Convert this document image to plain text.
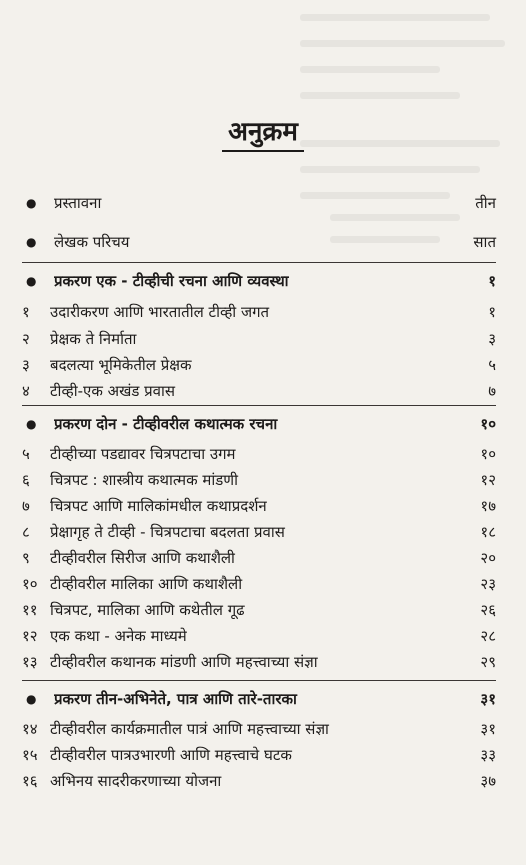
अनुक्रम
●	प्रस्तावना	तीन
●	लेखक परिचय	सात
●	प्रकरण एक - टीव्हीची रचना आणि व्यवस्था	१
१	उदारीकरण आणि भारतातील टीव्ही जगत	१
२	प्रेक्षक ते निर्माता	३
३	बदलत्या भूमिकेतील प्रेक्षक	५
४	टीव्ही-एक अखंड प्रवास	७
●	प्रकरण दोन - टीव्हीवरील कथात्मक रचना	१०
५	टीव्हीच्या पडद्यावर चित्रपटाचा उगम	१०
६	चित्रपट : शास्त्रीय कथात्मक मांडणी	१२
७	चित्रपट आणि मालिकांमधील कथाप्रदर्शन	१७
८	प्रेक्षागृह ते टीव्ही - चित्रपटाचा बदलता प्रवास	१८
९	टीव्हीवरील सिरीज आणि कथाशैली	२०
१० टीव्हीवरील मालिका आणि कथाशैली	२३
११ चित्रपट, मालिका आणि कथेतील गूढ	२६
१२ एक कथा - अनेक माध्यमे	२८
१३ टीव्हीवरील कथानक मांडणी आणि महत्त्वाच्या संज्ञा	२९
●	प्रकरण तीन-अभिनेते, पात्र आणि तारे-तारका	३१
१४ टीव्हीवरील कार्यक्रमातील पात्रं आणि महत्त्वाच्या संज्ञा	३१
१५ टीव्हीवरील पात्रउभारणी आणि महत्त्वाचे घटक	३३
१६ अभिनय सादरीकरणाच्या योजना	३७
